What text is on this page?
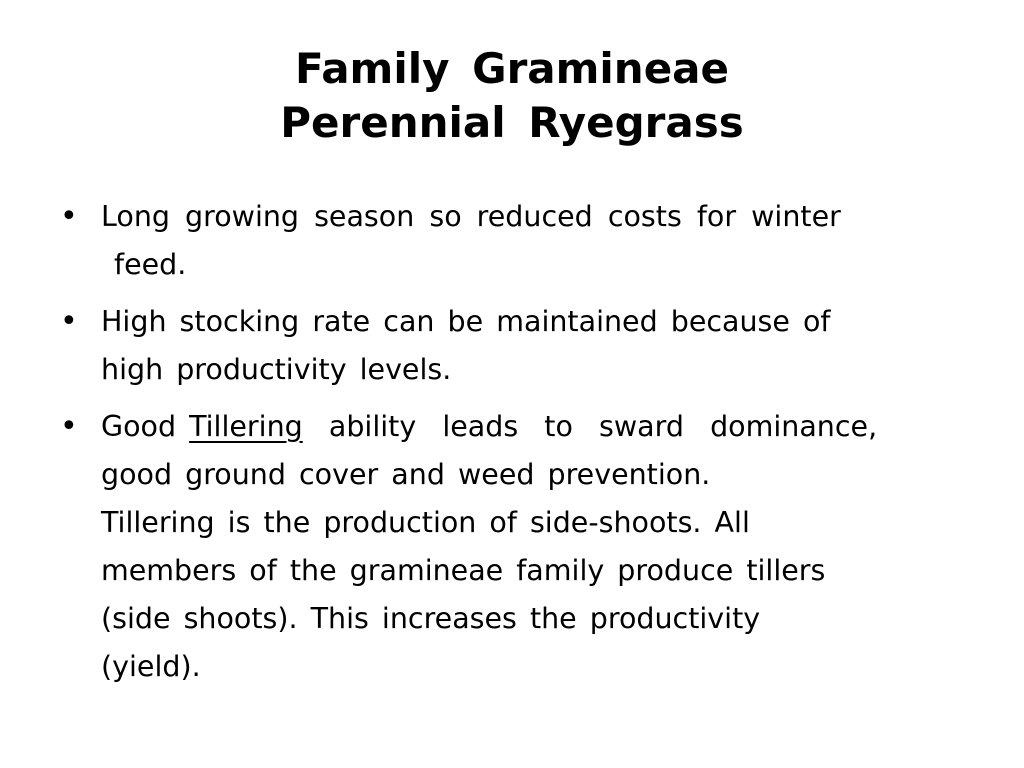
Family Gramineae
Perennial Ryegrass
• Long growing season so reduced costs for winter
feed.
• High stocking rate can be maintained because of
high productivity levels.
• Good Tillering  ability  leads  to  sward  dominance,
good ground cover and weed prevention.
Tillering is the production of side-shoots. All
members of the gramineae family produce tillers
(side shoots). This increases the productivity
(yield).
